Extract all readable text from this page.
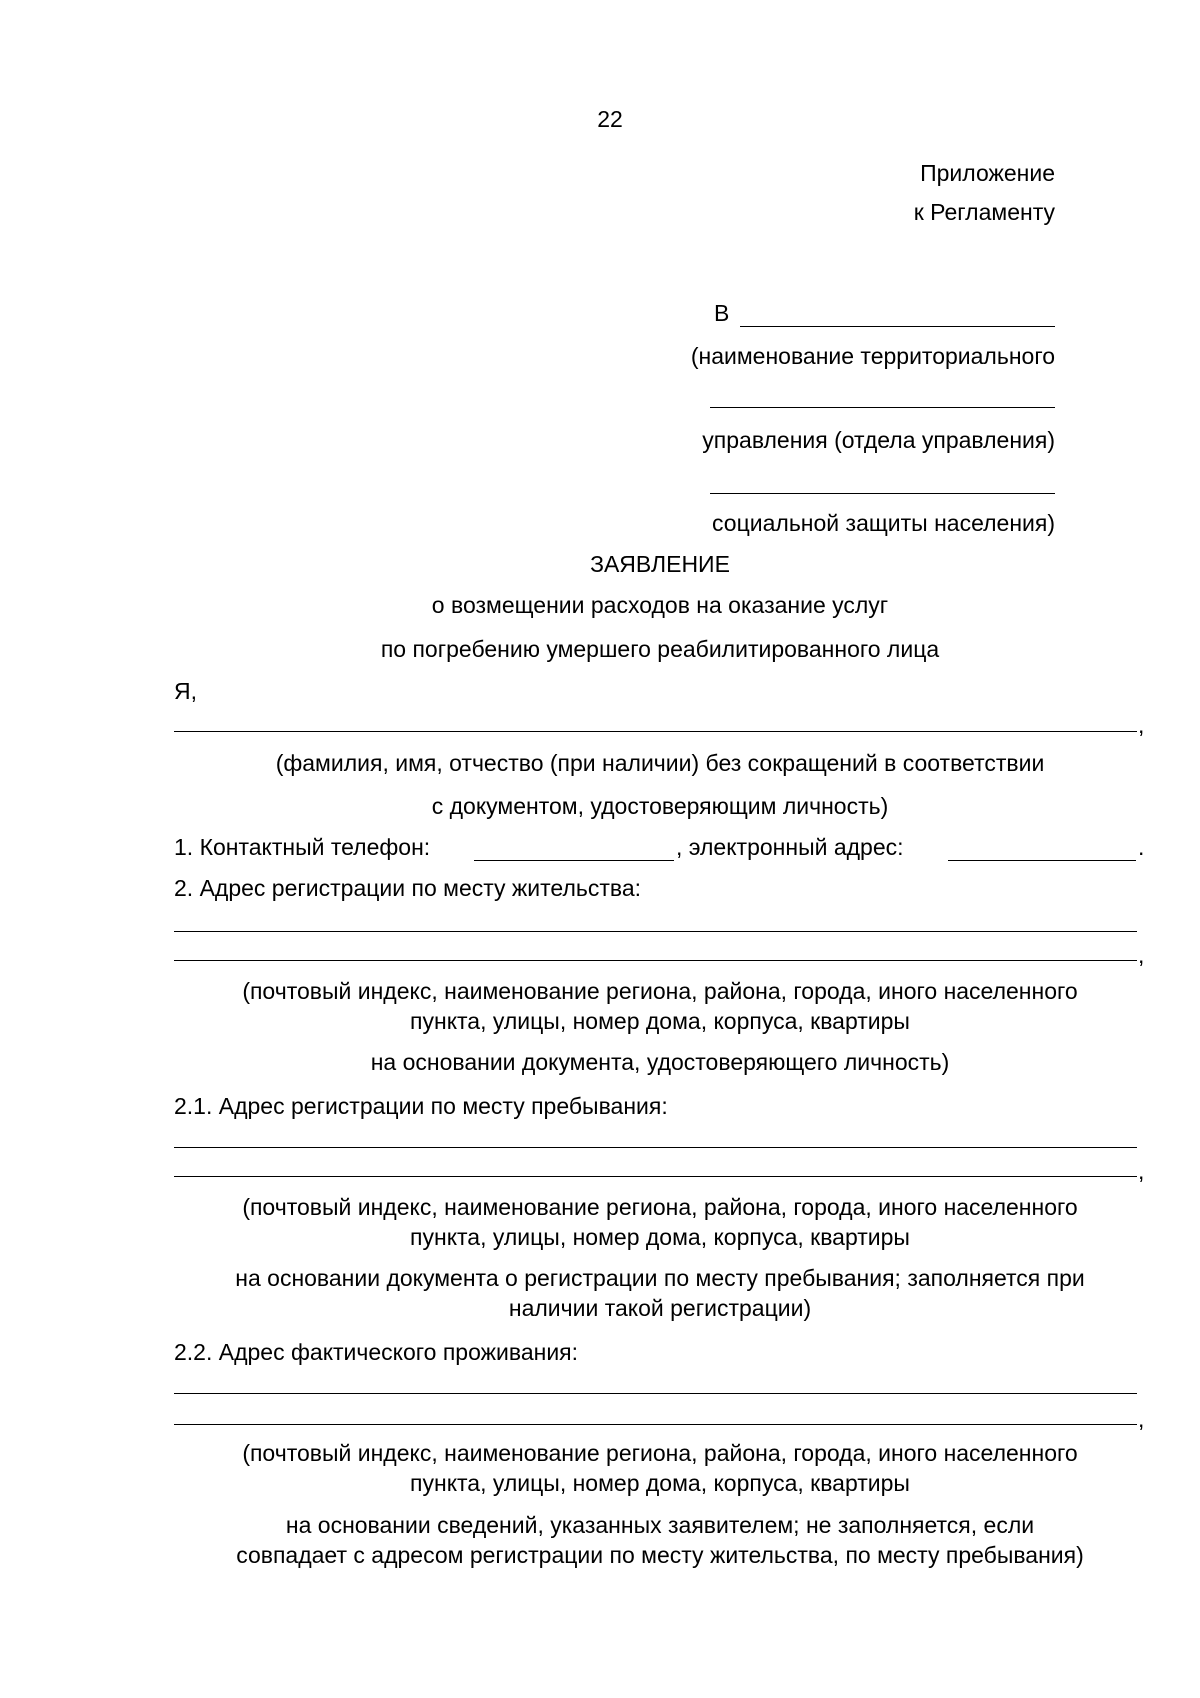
22
Приложение
к Регламенту
В
(наименование территориального
управления (отдела управления)
социальной защиты населения)
ЗАЯВЛЕНИЕ
о возмещении расходов на оказание услуг
по погребению умершего реабилитированного лица
Я,
,
(фамилия, имя, отчество (при наличии) без сокращений в соответствии
с документом, удостоверяющим личность)
1. Контактный телефон:	, электронный адрес:	.
2. Адрес регистрации по месту жительства:
,
(почтовый индекс, наименование региона, района, города, иного населенного
пункта, улицы, номер дома, корпуса, квартиры
на основании документа, удостоверяющего личность)
2.1. Адрес регистрации по месту пребывания:
,
(почтовый индекс, наименование региона, района, города, иного населенного
пункта, улицы, номер дома, корпуса, квартиры
на основании документа о регистрации по месту пребывания; заполняется при
наличии такой регистрации)
2.2. Адрес фактического проживания:
,
(почтовый индекс, наименование региона, района, города, иного населенного
пункта, улицы, номер дома, корпуса, квартиры
на основании сведений, указанных заявителем; не заполняется, если
совпадает с адресом регистрации по месту жительства, по месту пребывания)
